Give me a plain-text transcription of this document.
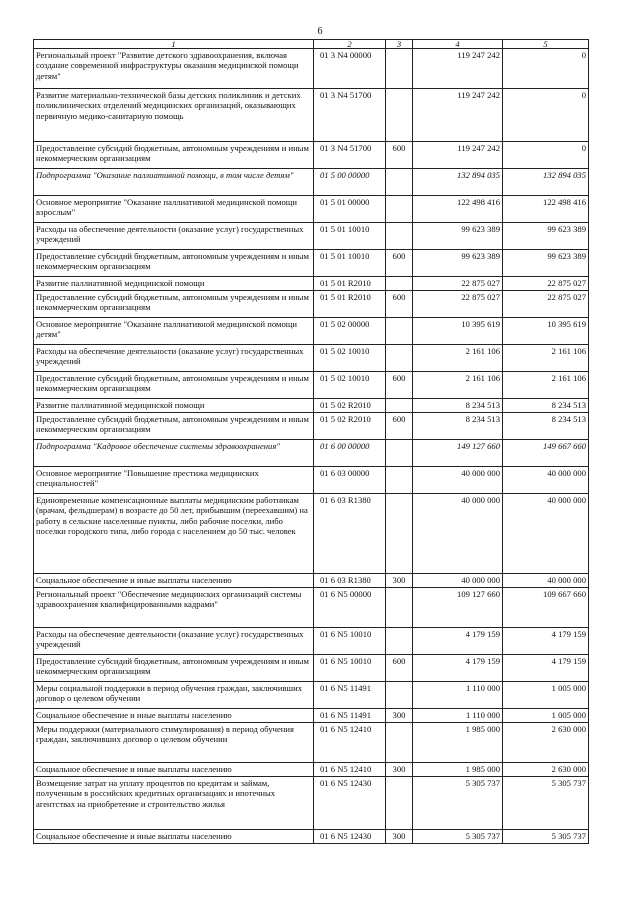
6
1	2	3	4	5
Региональный проект "Развитие детского здравоохранения, включая создание современной инфраструктуры оказания медицинской помощи детям"	01 3 N4 00000		119 247 242	0
Развитие материально-технической базы детских поликлиник и детских поликлинических отделений медицинских организаций, оказывающих первичную медико-санитарную помощь	01 3 N4 51700		119 247 242	0
Предоставление субсидий бюджетным, автономным учреждениям и иным некоммерческим организациям	01 3 N4 51700	600	119 247 242	0
Подпрограмма "Оказание паллиативной помощи, в том числе детям"	01 5 00 00000		132 894 035	132 894 035
Основное мероприятие "Оказание паллиативной медицинской помощи взрослым"	01 5 01 00000		122 498 416	122 498 416
Расходы на обеспечение деятельности (оказание услуг) государственных учреждений	01 5 01 10010		99 623 389	99 623 389
Предоставление субсидий бюджетным, автономным учреждениям и иным некоммерческим организациям	01 5 01 10010	600	99 623 389	99 623 389
Развитие паллиативной медицинской помощи	01 5 01 R2010		22 875 027	22 875 027
Предоставление субсидий бюджетным, автономным учреждениям и иным некоммерческим организациям	01 5 01 R2010	600	22 875 027	22 875 027
Основное мероприятие "Оказание паллиативной медицинской помощи детям"	01 5 02 00000		10 395 619	10 395 619
Расходы на обеспечение деятельности (оказание услуг) государственных учреждений	01 5 02 10010		2 161 106	2 161 106
Предоставление субсидий бюджетным, автономным учреждениям и иным некоммерческим организациям	01 5 02 10010	600	2 161 106	2 161 106
Развитие паллиативной медицинской помощи	01 5 02 R2010		8 234 513	8 234 513
Предоставление субсидий бюджетным, автономным учреждениям и иным некоммерческим организациям	01 5 02 R2010	600	8 234 513	8 234 513
Подпрограмма "Кадровое обеспечение системы здравоохранения"	01 6 00 00000		149 127 660	149 667 660
Основное мероприятие "Повышение престижа медицинских специальностей"	01 6 03 00000		40 000 000	40 000 000
Единовременные компенсационные выплаты медицинским работникам (врачам, фельдшерам) в возрасте до 50 лет, прибывшим (переехавшим) на работу в сельские населенные пункты, либо рабочие поселки, либо поселки городского типа, либо города с населением до 50 тыс. человек	01 6 03 R1380		40 000 000	40 000 000
Социальное обеспечение и иные выплаты населению	01 6 03 R1380	300	40 000 000	40 000 000
Региональный проект "Обеспечение медицинских организаций системы здравоохранения квалифицированными кадрами"	01 6 N5 00000		109 127 660	109 667 660
Расходы на обеспечение деятельности (оказание услуг) государственных учреждений	01 6 N5 10010		4 179 159	4 179 159
Предоставление субсидий бюджетным, автономным учреждениям и иным некоммерческим организациям	01 6 N5 10010	600	4 179 159	4 179 159
Меры социальной поддержки в период обучения граждан, заключивших договор о целевом обучении	01 6 N5 11491		1 110 000	1 005 000
Социальное обеспечение и иные выплаты населению	01 6 N5 11491	300	1 110 000	1 005 000
Меры поддержки (материального стимулирования) в период обучения граждан, заключивших договор о целевом обучении	01 6 N5 12410		1 985 000	2 630 000
Социальное обеспечение и иные выплаты населению	01 6 N5 12410	300	1 985 000	2 630 000
Возмещение затрат на уплату процентов по кредитам и займам, полученным в российских кредитных организациях и ипотечных агентствах на приобретение и строительство жилья	01 6 N5 12430		5 305 737	5 305 737
Социальное обеспечение и иные выплаты населению	01 6 N5 12430	300	5 305 737	5 305 737
